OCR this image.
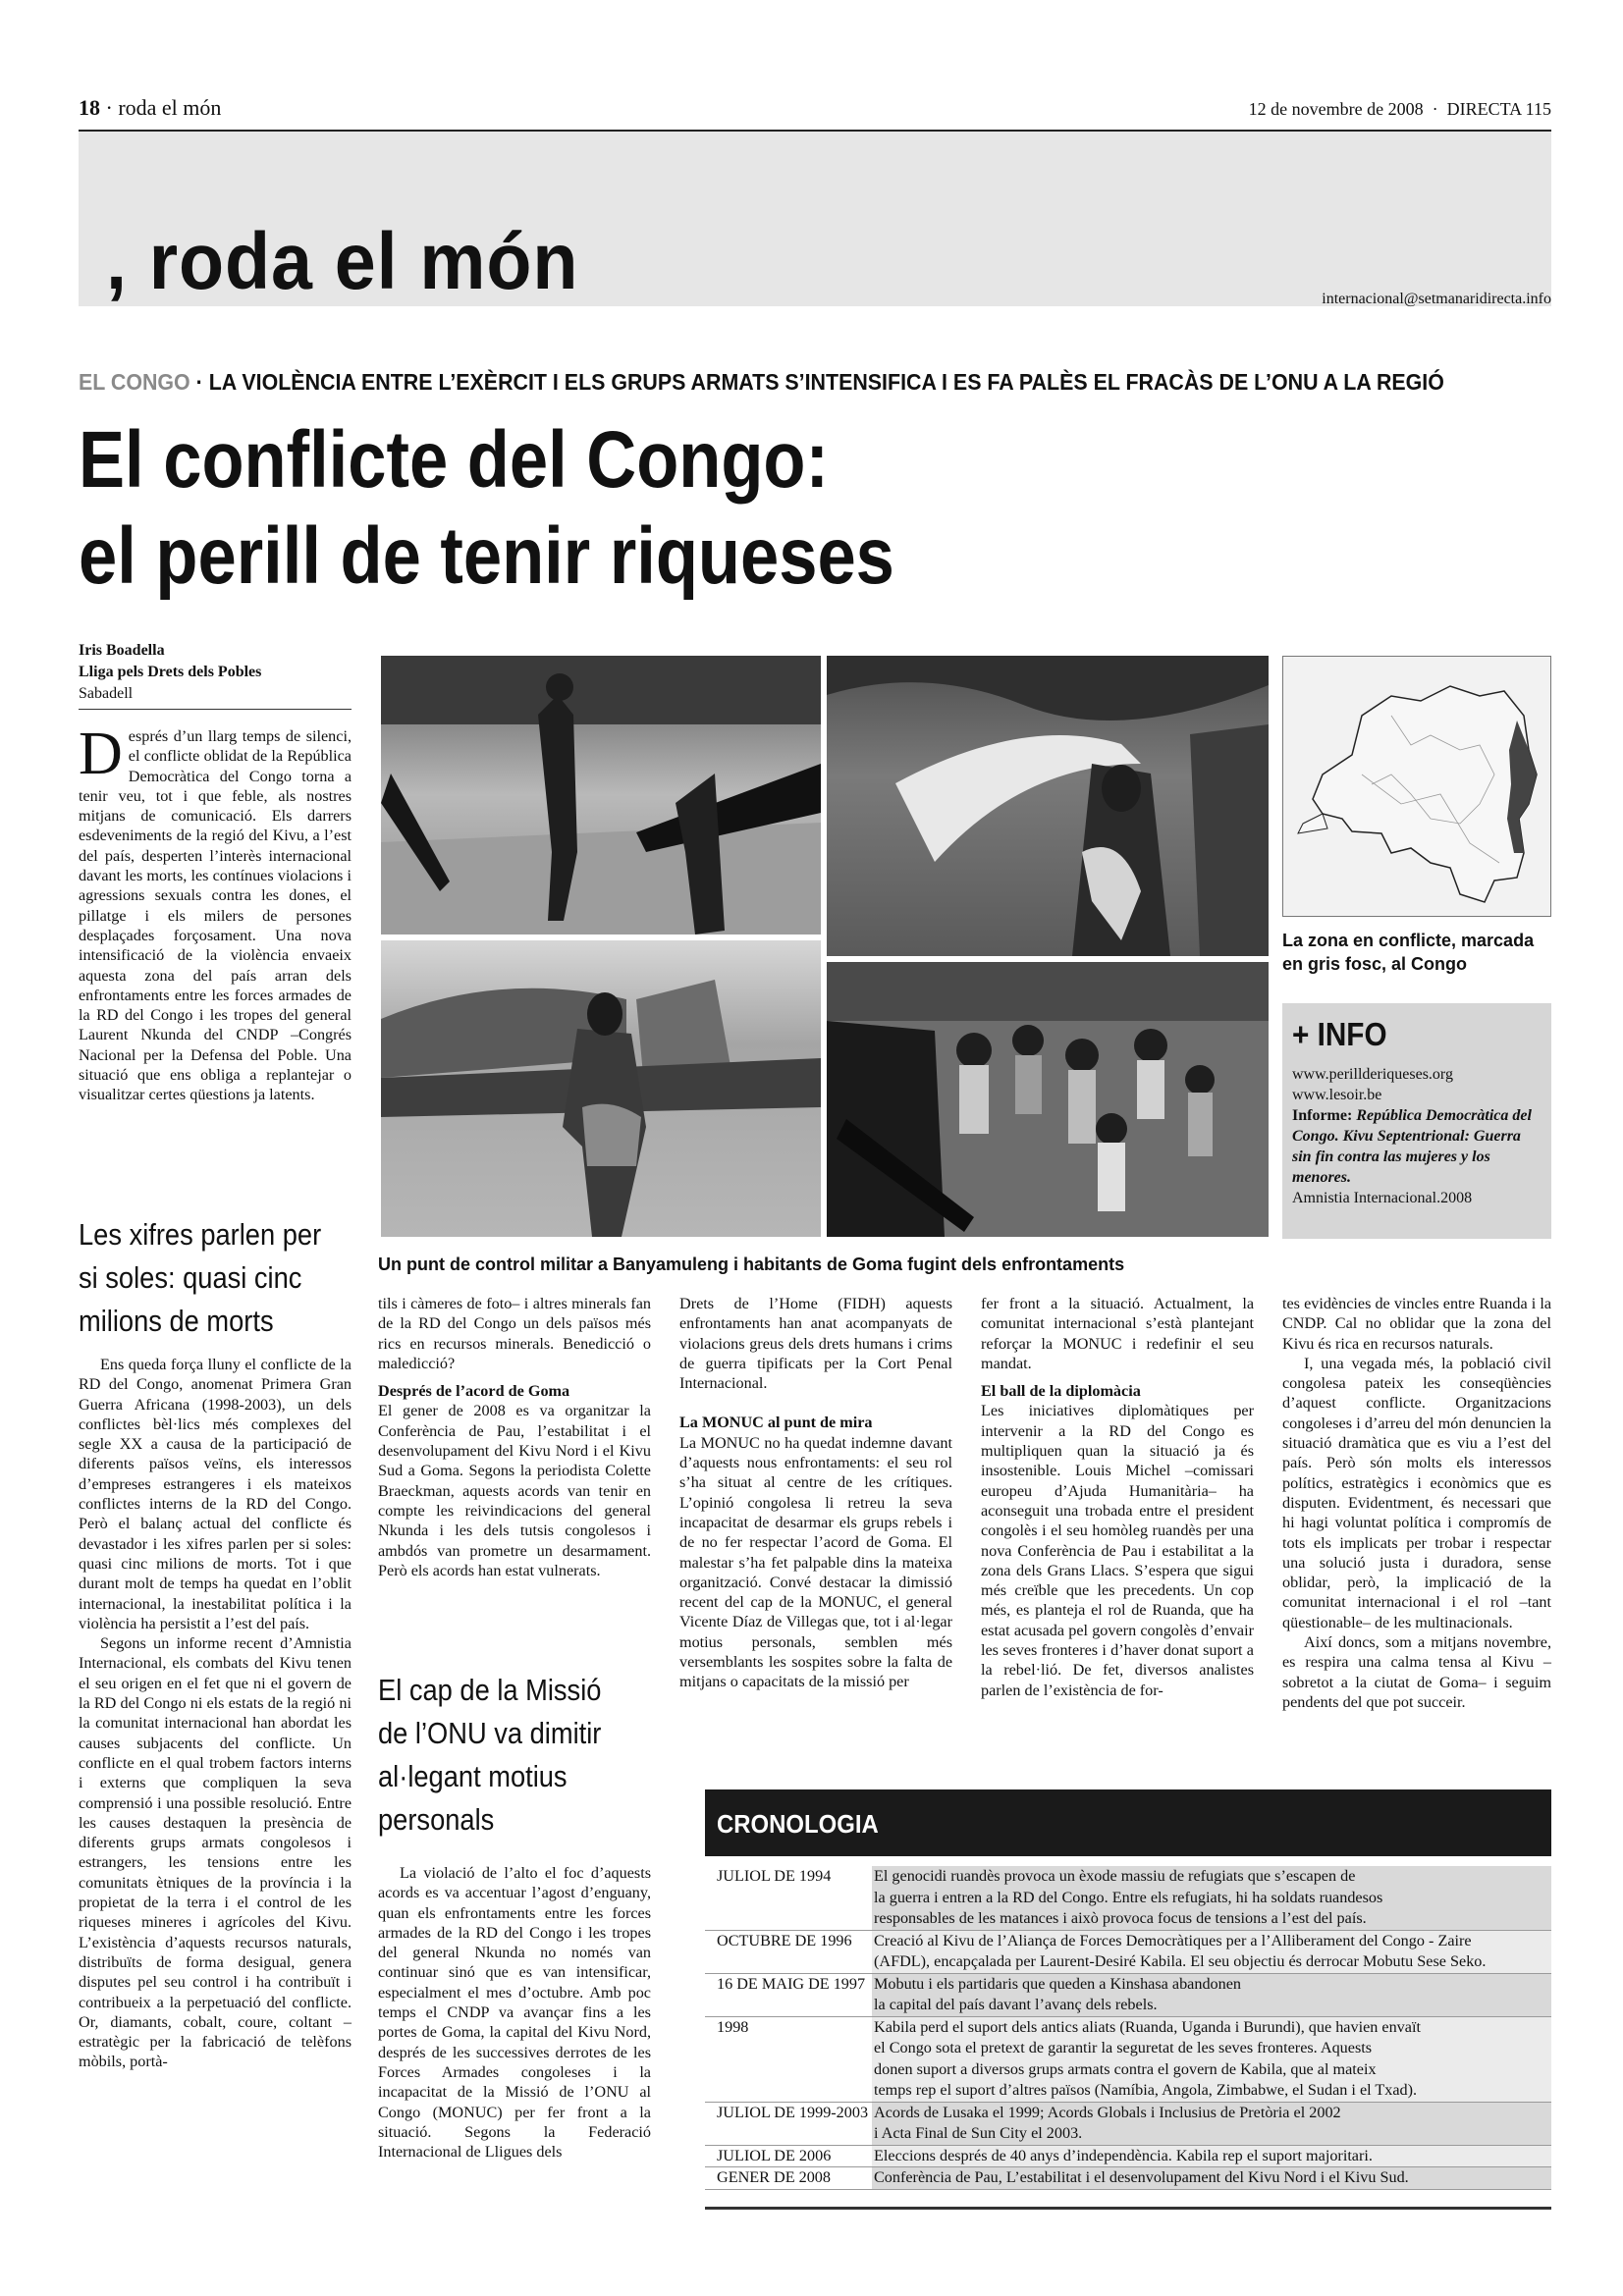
18 · roda el món	12 de novembre de 2008  ·  DIRECTA 115
, roda el món	internacional@setmanaridirecta.info
EL CONGO · LA VIOLÈNCIA ENTRE L’EXÈRCIT I ELS GRUPS ARMATS S’INTENSIFICA I ES FA PALÈS EL FRACÀS DE L’ONU A LA REGIÓ
El conflicte del Congo:
el perill de tenir riqueses
Iris Boadella
Lliga pels Drets dels Pobles
Sabadell

Després d’un llarg temps de silenci, el conflicte oblidat de la República Democràtica del Congo torna a tenir veu, tot i que feble, als nostres mitjans de comunicació. Els darrers esdeveniments de la regió del Kivu, a l’est del país, desperten l’interès internacional davant les morts, les contínues violacions i agressions sexuals contra les dones, el pillatge i els milers de persones desplaçades forçosament. Una nova intensificació de la violència envaeix aquesta zona del país arran dels enfrontaments entre les forces armades de la RD del Congo i les tropes del general Laurent Nkunda del CNDP –Congrés Nacional per la Defensa del Poble. Una situació que ens obliga a replantejar o visualitzar certes qüestions ja latents.

Les xifres parlen per si soles: quasi cinc milions de morts

Ens queda força lluny el conflicte de la RD del Congo, anomenat Primera Gran Guerra Africana (1998-2003), un dels conflictes bèl·lics més complexes del segle XX a causa de la participació de diferents països veïns, els interessos d’empreses estrangeres i els mateixos conflictes interns de la RD del Congo. Però el balanç actual del conflicte és devastador i les xifres parlen per si soles: quasi cinc milions de morts. Tot i que durant molt de temps ha quedat en l’oblit internacional, la inestabilitat política i la violència ha persistit a l’est del país.

Segons un informe recent d’Amnistia Internacional, els combats del Kivu tenen el seu origen en el fet que ni el govern de la RD del Congo ni els estats de la regió ni la comunitat internacional han abordat les causes subjacents del conflicte. Un conflicte en el qual trobem factors interns i externs que compliquen la seva comprensió i una possible resolució. Entre les causes destaquen la presència de diferents grups armats congolesos i estrangers, les tensions entre les comunitats ètniques de la província i la propietat de la terra i el control de les riqueses mineres i agrícoles del Kivu. L’existència d’aquests recursos naturals, distribuïts de forma desigual, genera disputes pel seu control i ha contribuït i contribueix a la perpetuació del conflicte. Or, diamants, cobalt, coure, coltant –estratègic per la fabricació de telèfons mòbils, portà-

Un punt de control militar a Banyamuleng i habitants de Goma fugint dels enfrontaments
La zona en conflicte, marcada en gris fosc, al Congo
+ INFO
www.perillderiqueses.org
www.lesoir.be
Informe: República Democràtica del Congo. Kivu Septentrional: Guerra sin fin contra las mujeres y los menores.
Amnistia Internacional.2008

tils i càmeres de foto– i altres minerals fan de la RD del Congo un dels països més rics en recursos minerals. Benedicció o maledicció?

Després de l’acord de Goma

El gener de 2008 es va organitzar la Conferència de Pau, l’estabilitat i el desenvolupament del Kivu Nord i el Kivu Sud a Goma. Segons la periodista Colette Braeckman, aquests acords van tenir en compte les reivindicacions del general Nkunda i les dels tutsis congolesos i ambdós van prometre un desarmament. Però els acords han estat vulnerats.

El cap de la Missió de l’ONU va dimitir al·legant motius personals

La violació de l’alto el foc d’aquests acords es va accentuar l’agost d’enguany, quan els enfrontaments entre les forces armades de la RD del Congo i les tropes del general Nkunda no només van continuar sinó que es van intensificar, especialment el mes d’octubre. Amb poc temps el CNDP va avançar fins a les portes de Goma, la capital del Kivu Nord, després de les successives derrotes de les Forces Armades congoleses i la incapacitat de la Missió de l’ONU al Congo (MONUC) per fer front a la situació. Segons la Federació Internacional de Lligues dels

Drets de l’Home (FIDH) aquests enfrontaments han anat acompanyats de violacions greus dels drets humans i crims de guerra tipificats per la Cort Penal Internacional.

La MONUC al punt de mira

La MONUC no ha quedat indemne davant d’aquests nous enfrontaments: el seu rol s’ha situat al centre de les crítiques. L’opinió congolesa li retreu la seva incapacitat de desarmar els grups rebels i de no fer respectar l’acord de Goma. El malestar s’ha fet palpable dins la mateixa organització. Convé destacar la dimissió recent del cap de la MONUC, el general Vicente Díaz de Villegas que, tot i al·legar motius personals, semblen més versemblants les sospites sobre la falta de mitjans o capacitats de la missió per

fer front a la situació. Actualment, la comunitat internacional s’està plantejant reforçar la MONUC i redefinir el seu mandat.

El ball de la diplomàcia

Les iniciatives diplomàtiques per intervenir a la RD del Congo es multipliquen quan la situació ja és insostenible. Louis Michel –comissari europeu d’Ajuda Humanitària– ha aconseguit una trobada entre el president congolès i el seu homòleg ruandès per una nova Conferència de Pau i estabilitat a la zona dels Grans Llacs. S’espera que sigui més creïble que les precedents. Un cop més, es planteja el rol de Ruanda, que ha estat acusada pel govern congolès d’envair les seves fronteres i d’haver donat suport a la rebel·lió. De fet, diversos analistes parlen de l’existència de for-

tes evidències de vincles entre Ruanda i la CNDP. Cal no oblidar que la zona del Kivu és rica en recursos naturals.

I, una vegada més, la població civil congolesa pateix les conseqüències d’aquest conflicte. Organitzacions congoleses i d’arreu del món denuncien la situació dramàtica que es viu a l’est del país. Però són molts els interessos polítics, estratègics i econòmics que es disputen. Evidentment, és necessari que hi hagi voluntat política i compromís de tots els implicats per trobar i respectar una solució justa i duradora, sense oblidar, però, la implicació de la comunitat internacional i el rol –tant qüestionable– de les multinacionals.

Així doncs, som a mitjans novembre, es respira una calma tensa al Kivu –sobretot a la ciutat de Goma– i seguim pendents del que pot succeir.

CRONOLOGIA
JULIOL DE 1994	El genocidi ruandès provoca un èxode massiu de refugiats que s’escapen de
la guerra i entren a la RD del Congo. Entre els refugiats, hi ha soldats ruandesos
responsables de les matances i això provoca focus de tensions a l’est del país.
OCTUBRE DE 1996	Creació al Kivu de l’Aliança de Forces Democràtiques per a l’Alliberament del Congo - Zaire
(AFDL), encapçalada per Laurent-Desiré Kabila. El seu objectiu és derrocar Mobutu Sese Seko.
16 DE MAIG DE 1997 Mobutu i els partidaris que queden a Kinshasa abandonen
la capital del país davant l’avanç dels rebels.
1998	Kabila perd el suport dels antics aliats (Ruanda, Uganda i Burundi), que havien envaït
el Congo sota el pretext de garantir la seguretat de les seves fronteres. Aquests
donen suport a diversos grups armats contra el govern de Kabila, que al mateix
temps rep el suport d’altres països (Namíbia, Angola, Zimbabwe, el Sudan i el Txad).
JULIOL DE 1999-2003 Acords de Lusaka el 1999; Acords Globals i Inclusius de Pretòria el 2002
i Acta Final de Sun City el 2003.
JULIOL DE 2006	Eleccions després de 40 anys d’independència. Kabila rep el suport majoritari.
GENER DE 2008	Conferència de Pau, L’estabilitat i el desenvolupament del Kivu Nord i el Kivu Sud.
